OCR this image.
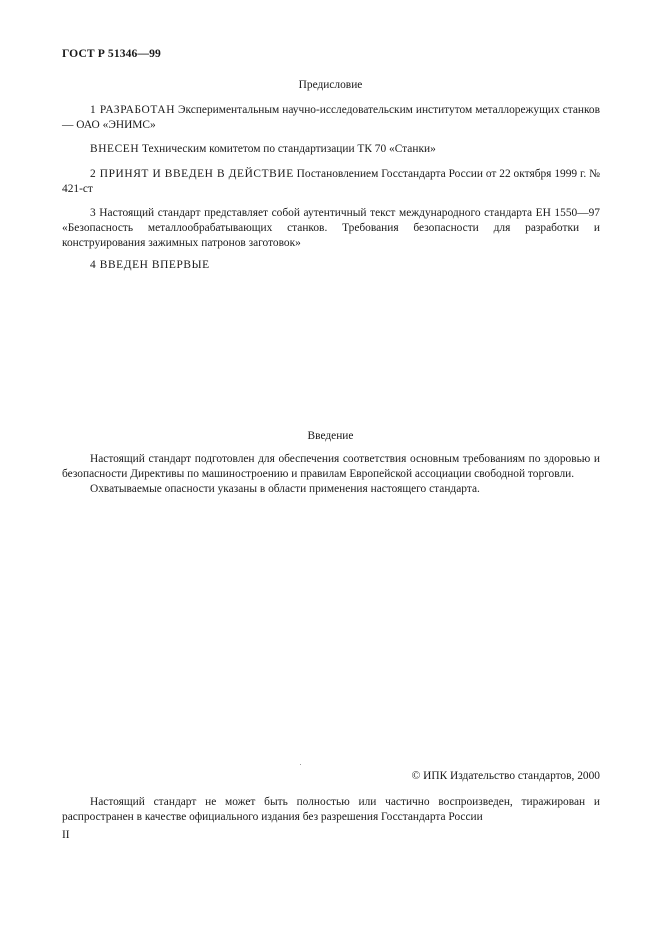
ГОСТ Р 51346—99
Предисловие

1 РАЗРАБОТАН Экспериментальным научно-исследовательским институтом металлорежущих станков — ОАО «ЭНИМС»

ВНЕСЕН Техническим комитетом по стандартизации ТК 70 «Станки»

2 ПРИНЯТ И ВВЕДЕН В ДЕЙСТВИЕ Постановлением Госстандарта России от 22 октября 1999 г. № 421-ст

3 Настоящий стандарт представляет собой аутентичный текст международного стандарта ЕН 1550—97 «Безопасность металлообрабатывающих станков. Требования безопасности для разработки и конструирования зажимных патронов заготовок»

4 ВВЕДЕН ВПЕРВЫЕ

Введение

Настоящий стандарт подготовлен для обеспечения соответствия основным требованиям по здоровью и безопасности Директивы по машиностроению и правилам Европейской ассоциации свободной торговли.

Охватываемые опасности указаны в области применения настоящего стандарта.

© ИПК Издательство стандартов, 2000

Настоящий стандарт не может быть полностью или частично воспроизведен, тиражирован и распространен в качестве официального издания без разрешения Госстандарта России

II
